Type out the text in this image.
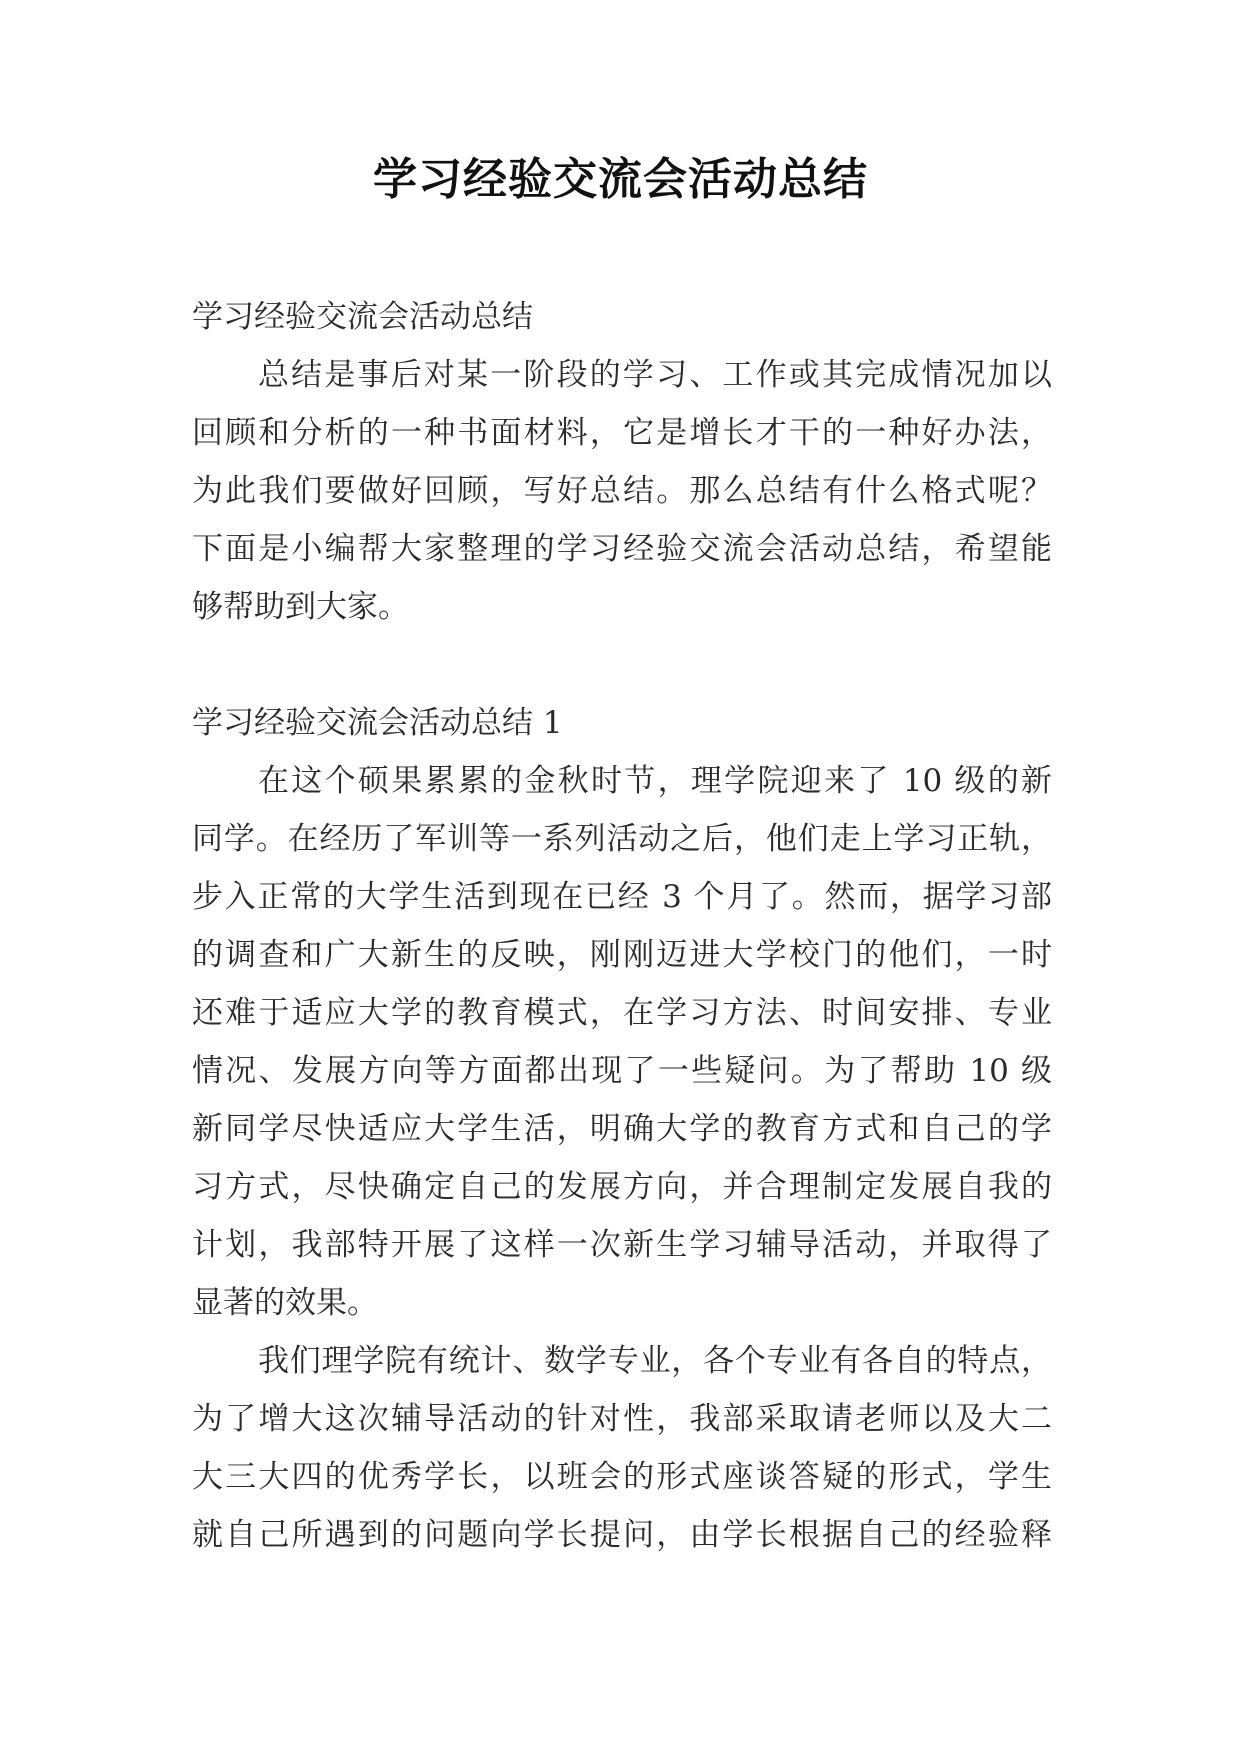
学习经验交流会活动总结
学习经验交流会活动总结
总结是事后对某一阶段的学习、工作或其完成情况加以
回顾和分析的一种书面材料，它是增长才干的一种好办法，
为此我们要做好回顾，写好总结。那么总结有什么格式呢？
下面是小编帮大家整理的学习经验交流会活动总结，希望能
够帮助到大家。
学习经验交流会活动总结 1
在这个硕果累累的金秋时节，理学院迎来了 10 级的新
同学。在经历了军训等一系列活动之后，他们走上学习正轨，
步入正常的大学生活到现在已经 3 个月了。然而，据学习部
的调查和广大新生的反映，刚刚迈进大学校门的他们，一时
还难于适应大学的教育模式，在学习方法、时间安排、专业
情况、发展方向等方面都出现了一些疑问。为了帮助 10 级
新同学尽快适应大学生活，明确大学的教育方式和自己的学
习方式，尽快确定自己的发展方向，并合理制定发展自我的
计划，我部特开展了这样一次新生学习辅导活动，并取得了
显著的效果。
我们理学院有统计、数学专业，各个专业有各自的特点，
为了增大这次辅导活动的针对性，我部采取请老师以及大二
大三大四的优秀学长，以班会的形式座谈答疑的形式，学生
就自己所遇到的问题向学长提问，由学长根据自己的经验释
